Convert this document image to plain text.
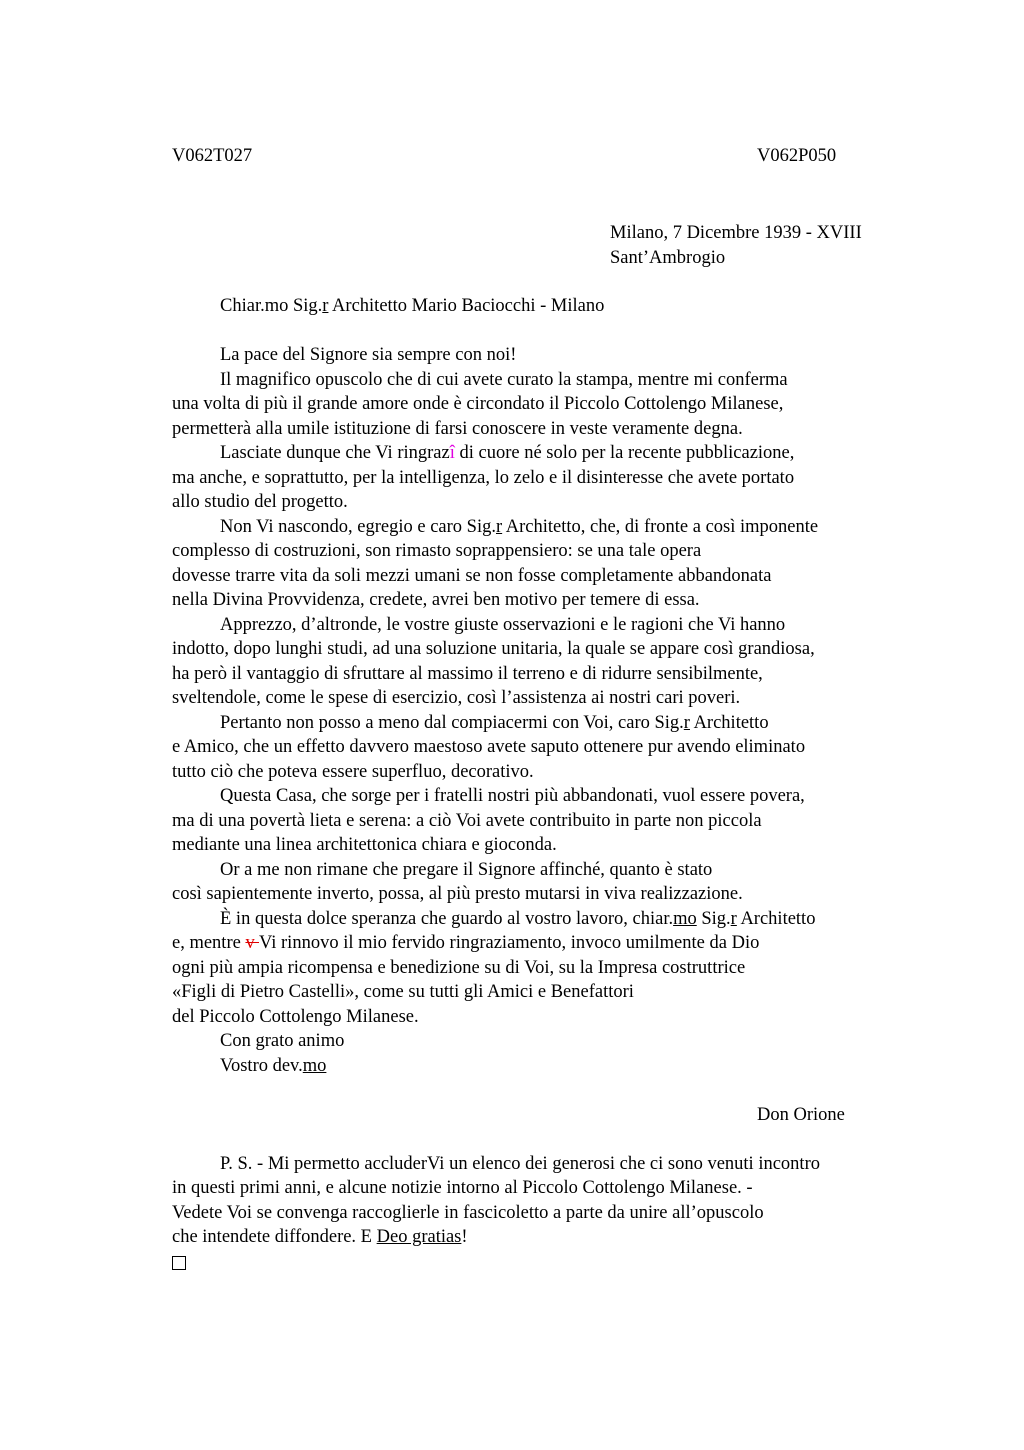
V062T027	V062P050
Milano, 7 Dicembre 1939 - XVIII
Sant’Ambrogio
Chiar.mo Sig.r Architetto Mario Baciocchi - Milano
La pace del Signore sia sempre con noi!
Il magnifico opuscolo che di cui avete curato la stampa, mentre mi conferma
una volta di più il grande amore onde è circondato il Piccolo Cottolengo Milanese,
permetterà alla umile istituzione di farsi conoscere in veste veramente degna.
Lasciate dunque che Vi ringrazî di cuore né solo per la recente pubblicazione,
ma anche, e soprattutto, per la intelligenza, lo zelo e il disinteresse che avete portato
allo studio del progetto.
Non Vi nascondo, egregio e caro Sig.r Architetto, che, di fronte a così imponente
complesso di costruzioni, son rimasto soprappensiero: se una tale opera
dovesse trarre vita da soli mezzi umani se non fosse completamente abbandonata
nella Divina Provvidenza, credete, avrei ben motivo per temere di essa.
Apprezzo, d’altronde, le vostre giuste osservazioni e le ragioni che Vi hanno
indotto, dopo lunghi studi, ad una soluzione unitaria, la quale se appare così grandiosa,
ha però il vantaggio di sfruttare al massimo il terreno e di ridurre sensibilmente,
sveltendole, come le spese di esercizio, così l’assistenza ai nostri cari poveri.
Pertanto non posso a meno dal compiacermi con Voi, caro Sig.r Architetto
e Amico, che un effetto davvero maestoso avete saputo ottenere pur avendo eliminato
tutto ciò che poteva essere superfluo, decorativo.
Questa Casa, che sorge per i fratelli nostri più abbandonati, vuol essere povera,
ma di una povertà lieta e serena: a ciò Voi avete contribuito in parte non piccola
mediante una linea architettonica chiara e gioconda.
Or a me non rimane che pregare il Signore affinché, quanto è stato
così sapientemente inverto, possa, al più presto mutarsi in viva realizzazione.
È in questa dolce speranza che guardo al vostro lavoro, chiar.mo Sig.r Architetto
e, mentre v Vi rinnovo il mio fervido ringraziamento, invoco umilmente da Dio
ogni più ampia ricompensa e benedizione su di Voi, su la Impresa costruttrice
«Figli di Pietro Castelli», come su tutti gli Amici e Benefattori
del Piccolo Cottolengo Milanese.
Con grato animo
Vostro dev.mo
Don Orione
P. S. - Mi permetto accluderVi un elenco dei generosi che ci sono venuti incontro
in questi primi anni, e alcune notizie intorno al Piccolo Cottolengo Milanese. -
Vedete Voi se convenga raccoglierle in fascicoletto a parte da unire all’opuscolo
che intendete diffondere. E Deo gratias!
